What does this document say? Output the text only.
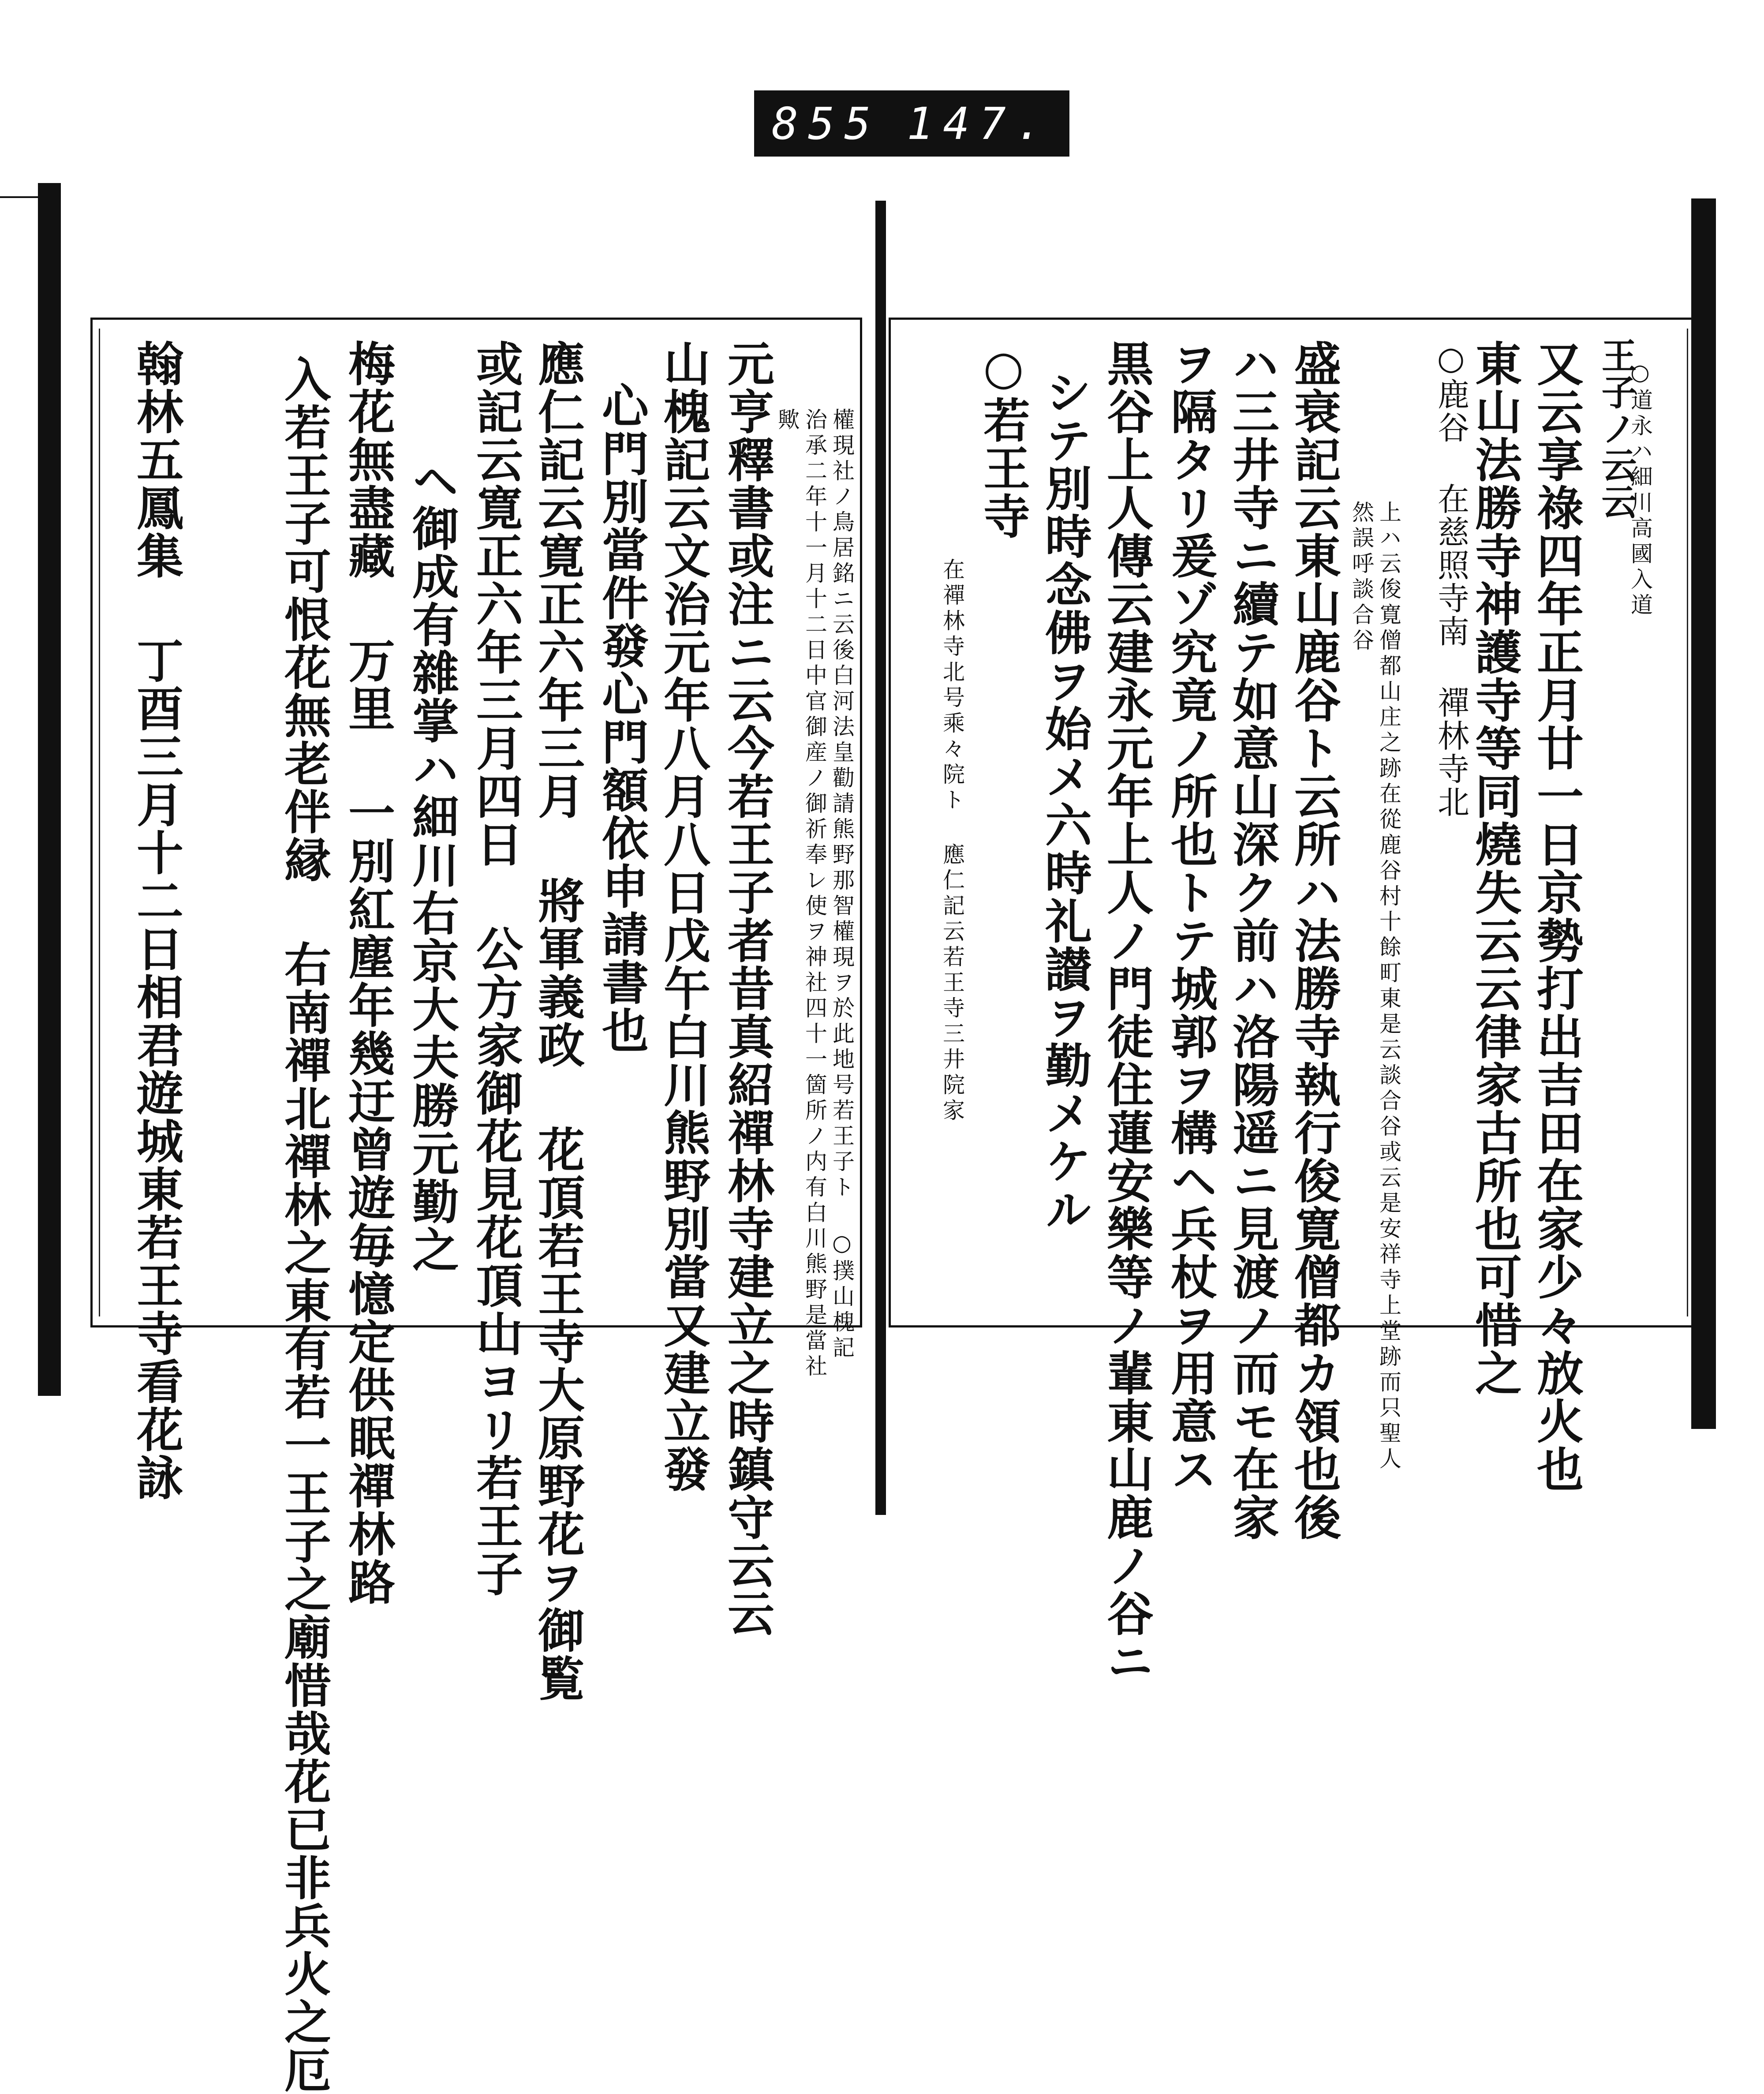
855 147.
○道永ハ細川高國入道
王子ノ云云
又云享祿四年正月廿一日京勢打出吉田在家少々放火也
東山法勝寺神護寺等同燒失云云律家古所也可惜之
○鹿谷 在慈照寺南 禪林寺北
上ハ云俊寛僧都山庄之跡在從鹿谷村十餘町東是云談合谷或云是安祥寺上堂跡而只聖人然誤呼談合谷
盛衰記云東山鹿谷ト云所ハ法勝寺執行俊寛僧都カ領也後
ハ三井寺ニ續テ如意山深ク前ハ洛陽遥ニ見渡ノ而モ在家
ヲ隔タリ爰ゾ究竟ノ所也トテ城郭ヲ構ヘ兵杖ヲ用意ス
黒谷上人傳云建永元年上人ノ門徒住蓮安樂等ノ輩東山鹿ノ谷ニ
シテ別時念佛ヲ始メ六時礼讃ヲ勤メケル
○若王寺
在禪林寺北号乘々院ト 應仁記云若王寺三井院家
權現社ノ鳥居銘ニ云後白河法皇勸請熊野那智權現ヲ於此地号若王子ト ○撲山槐記 治承二年十一月十二日中官御産ノ御祈奉レ使ヲ神社四十一箇所ノ内有白川熊野是當社歟
元亨釋書或注ニ云今若王子者昔真紹禪林寺建立之時鎮守云云
山槐記云文治元年八月八日戊午白川熊野別當又建立發
心門別當件發心門額依申請書也
應仁記云寛正六年三月 將軍義政 花頂若王寺大原野花ヲ御覧
或記云寛正六年三月四日 公方家御花見花頂山ヨリ若王子
ヘ御成有雜掌ハ細川右京大夫勝元勤之
梅花無盡藏 万里 一別紅塵年幾迂曾遊毎憶定供眠禪林路
入若王子可恨花無老伴縁 右南禪北禪林之東有若一王子之廟惜哉花已非兵火之厄
翰林五鳳集 丁酉三月十二日相君遊城東若王寺看花詠
